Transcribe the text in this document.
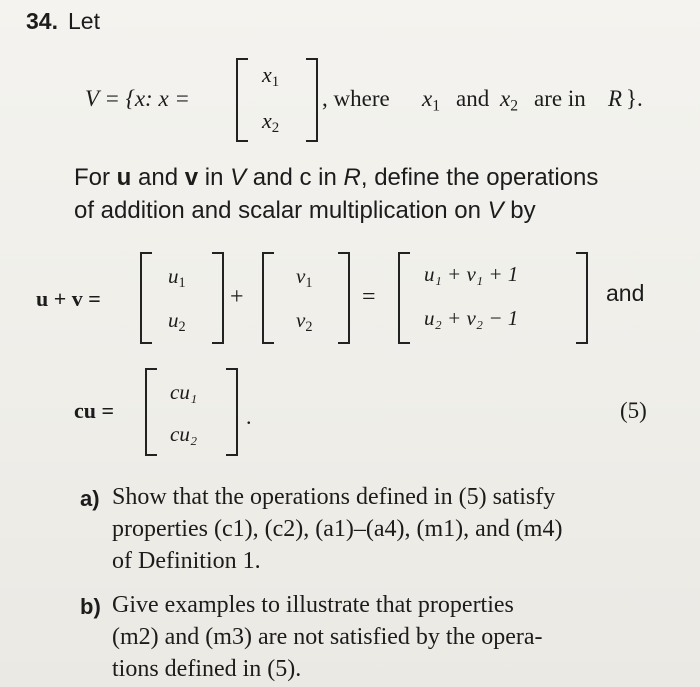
34. Let
V = {x: x =
$x_1$
$x_2$
, where $x_1$ and $x_2$ are in R }.
For u and v in V and c in R, define the operations
of addition and scalar multiplication on V by
u + v =
$u_1$
$u_2$
+
$v_1$
$v_2$
=
u₁ + v₁ + 1
u₂ + v₂ − 1
and
cu =
cu₁
cu₂
.	(5)
a) Show that the operations defined in (5) satisfy
properties (c1), (c2), (a1)–(a4), (m1), and (m4)
of Definition 1.
b) Give examples to illustrate that properties
(m2) and (m3) are not satisfied by the opera-
tions defined in (5).
